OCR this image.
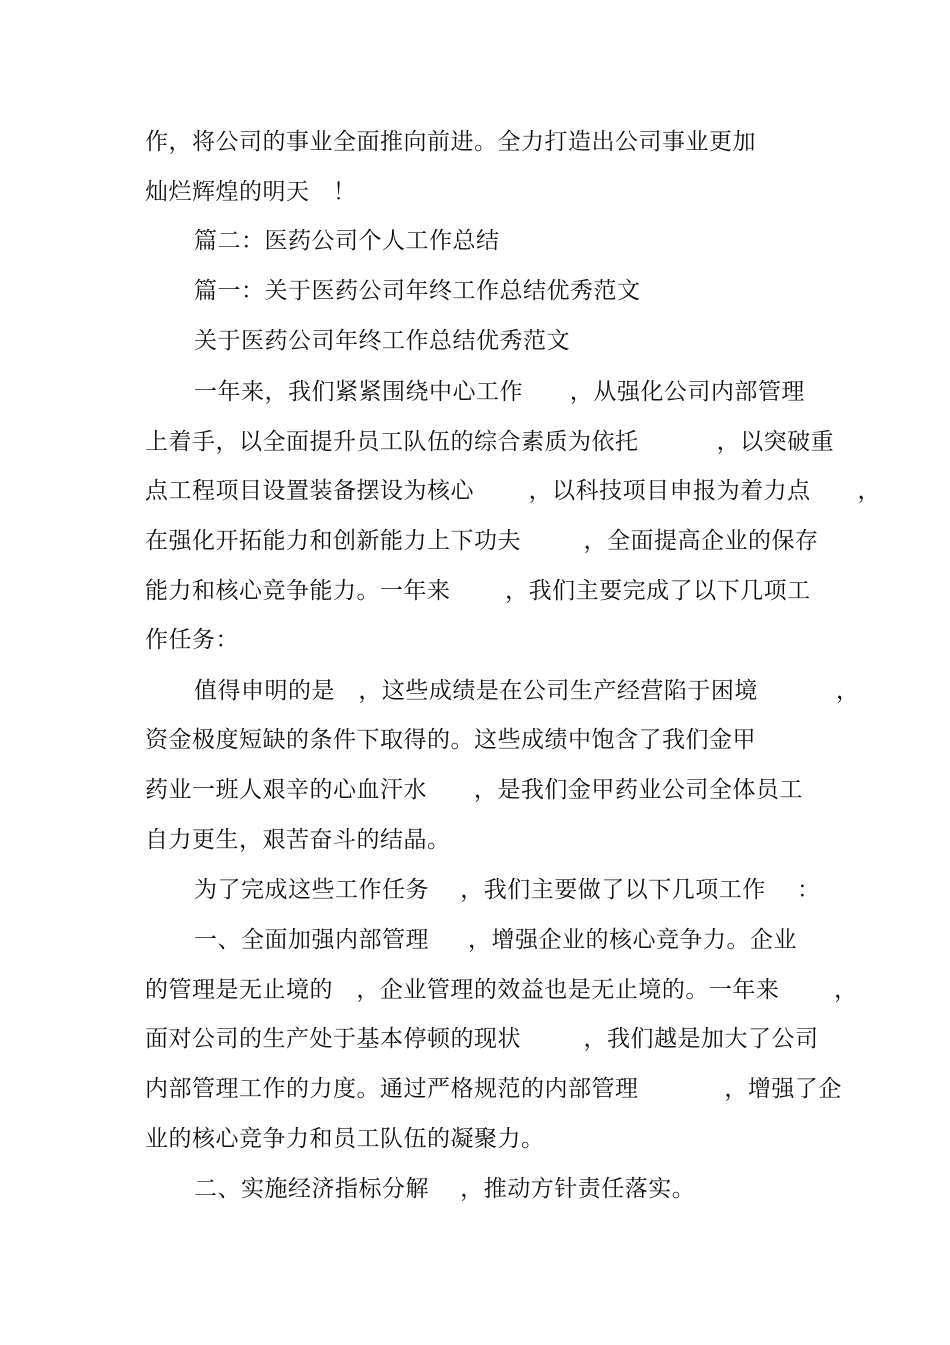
作，将公司的事业全面推向前进。全力打造出公司事业更加
灿烂辉煌的明天   ！
篇二：医药公司个人工作总结
篇一：关于医药公司年终工作总结优秀范文
关于医药公司年终工作总结优秀范文
一年来，我们紧紧围绕中心工作      ，从强化公司内部管理
上着手，以全面提升员工队伍的综合素质为依托          ，以突破重
点工程项目设置装备摆设为核心       ，以科技项目申报为着力点      ，
在强化开拓能力和创新能力上下功夫        ，全面提高企业的保存
能力和核心竞争能力。一年来       ，我们主要完成了以下几项工
作任务：
值得申明的是   ，这些成绩是在公司生产经营陷于困境          ，
资金极度短缺的条件下取得的。这些成绩中饱含了我们金甲
药业一班人艰辛的心血汗水      ，是我们金甲药业公司全体员工
自力更生，艰苦奋斗的结晶。
为了完成这些工作任务    ，我们主要做了以下几项工作    ：
一、全面加强内部管理     ，增强企业的核心竞争力。企业
的管理是无止境的   ，企业管理的效益也是无止境的。一年来       ，
面对公司的生产处于基本停顿的现状        ，我们越是加大了公司
内部管理工作的力度。通过严格规范的内部管理           ，增强了企
业的核心竞争力和员工队伍的凝聚力。
二、实施经济指标分解    ，推动方针责任落实。
